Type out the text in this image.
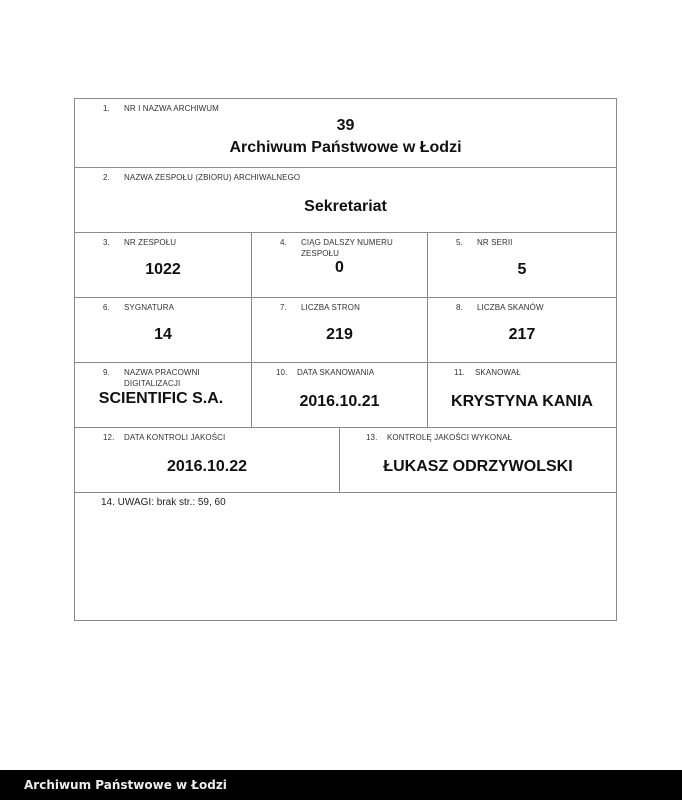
1. NR I NAZWA ARCHIWUM
39
Archiwum Państwowe w Łodzi
2. NAZWA ZESPOŁU (ZBIORU) ARCHIWALNEGO
Sekretariat
3. NR ZESPOŁU
1022
4. CIĄG DALSZY NUMERU
ZESPOŁU
0
5. NR SERII
5
6. SYGNATURA
14
7. LICZBA STRON
219
8. LICZBA SKANÓW
217
9. NAZWA PRACOWNI
DIGITALIZACJI
SCIENTIFIC S.A.
10. DATA SKANOWANIA
2016.10.21
11. SKANOWAŁ
KRYSTYNA KANIA
12. DATA KONTROLI JAKOŚCI
2016.10.22
13. KONTROLĘ JAKOŚCI WYKONAŁ
ŁUKASZ ODRZYWOLSKI
14. UWAGI: brak str.: 59, 60
Archiwum Państwowe w Łodzi
